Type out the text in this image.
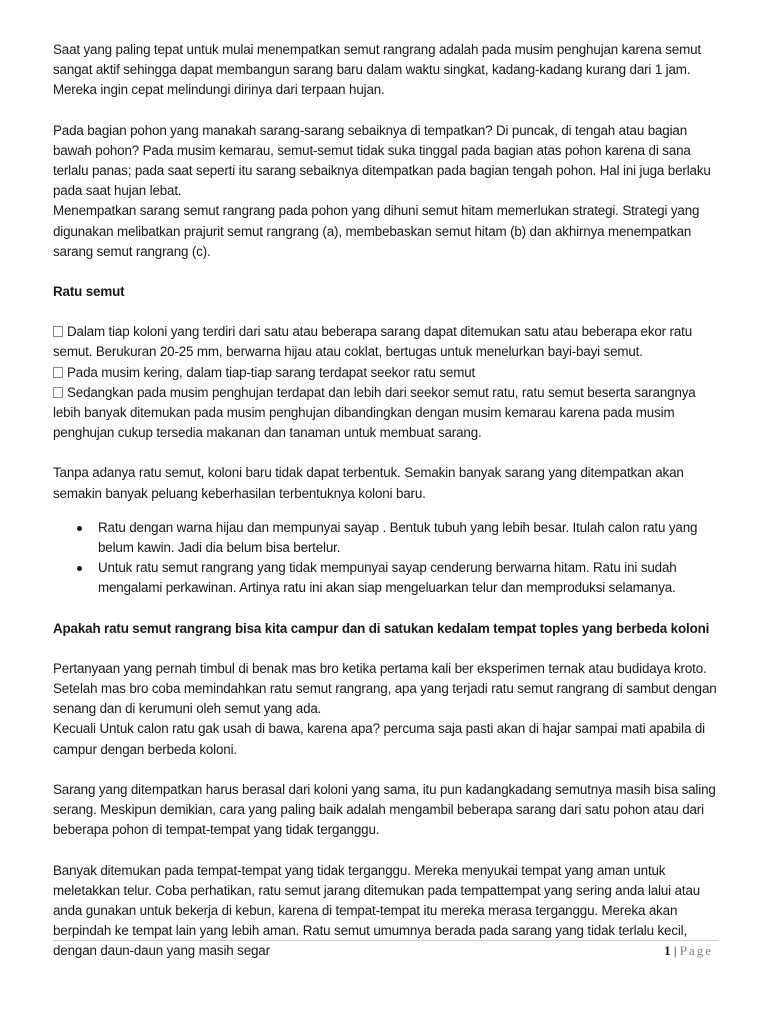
Saat yang paling tepat untuk mulai menempatkan semut rangrang adalah pada musim penghujan karena semut sangat aktif sehingga dapat membangun sarang baru dalam waktu singkat, kadang-kadang kurang dari 1 jam. Mereka ingin cepat melindungi dirinya dari terpaan hujan.

Pada bagian pohon yang manakah sarang-sarang sebaiknya di tempatkan? Di puncak, di tengah atau bagian bawah pohon? Pada musim kemarau, semut-semut tidak suka tinggal pada bagian atas pohon karena di sana terlalu panas; pada saat seperti itu sarang sebaiknya ditempatkan pada bagian tengah pohon. Hal ini juga berlaku pada saat hujan lebat.

Menempatkan sarang semut rangrang pada pohon yang dihuni semut hitam memerlukan strategi. Strategi yang digunakan melibatkan prajurit semut rangrang (a), membebaskan semut hitam (b) dan akhirnya menempatkan sarang semut rangrang (c).

Ratu semut

Dalam tiap koloni yang terdiri dari satu atau beberapa sarang dapat ditemukan satu atau beberapa ekor ratu semut. Berukuran 20-25 mm, berwarna hijau atau coklat, bertugas untuk menelurkan bayi-bayi semut.

Pada musim kering, dalam tiap-tiap sarang terdapat seekor ratu semut

Sedangkan pada musim penghujan terdapat dan lebih dari seekor semut ratu, ratu semut beserta sarangnya lebih banyak ditemukan pada musim penghujan dibandingkan dengan musim kemarau karena pada musim penghujan cukup tersedia makanan dan tanaman untuk membuat sarang.

Tanpa adanya ratu semut, koloni baru tidak dapat terbentuk. Semakin banyak sarang yang ditempatkan akan semakin banyak peluang keberhasilan terbentuknya koloni baru.

Ratu dengan warna hijau dan mempunyai sayap . Bentuk tubuh yang lebih besar. Itulah calon ratu yang belum kawin. Jadi dia belum bisa bertelur.
Untuk ratu semut rangrang yang tidak mempunyai sayap cenderung berwarna hitam. Ratu ini sudah mengalami perkawinan. Artinya ratu ini akan siap mengeluarkan telur dan memproduksi selamanya.

Apakah ratu semut rangrang bisa kita campur dan di satukan kedalam tempat toples yang berbeda koloni

Pertanyaan yang pernah timbul di benak mas bro ketika pertama kali ber eksperimen ternak atau budidaya kroto. Setelah mas bro coba memindahkan ratu semut rangrang, apa yang terjadi ratu semut rangrang di sambut dengan senang dan di kerumuni oleh semut yang ada.

Kecuali Untuk calon ratu gak usah di bawa, karena apa? percuma saja pasti akan di hajar sampai mati apabila di campur dengan berbeda koloni.

Sarang yang ditempatkan harus berasal dari koloni yang sama, itu pun kadangkadang semutnya masih bisa saling serang. Meskipun demikian, cara yang paling baik adalah mengambil beberapa sarang dari satu pohon atau dari beberapa pohon di tempat-tempat yang tidak terganggu.

Banyak ditemukan pada tempat-tempat yang tidak terganggu. Mereka menyukai tempat yang aman untuk meletakkan telur. Coba perhatikan, ratu semut jarang ditemukan pada tempattempat yang sering anda lalui atau anda gunakan untuk bekerja di kebun, karena di tempat-tempat itu mereka merasa terganggu. Mereka akan berpindah ke tempat lain yang lebih aman. Ratu semut umumnya berada pada sarang yang tidak terlalu kecil, dengan daun-daun yang masih segar	1 | Page
